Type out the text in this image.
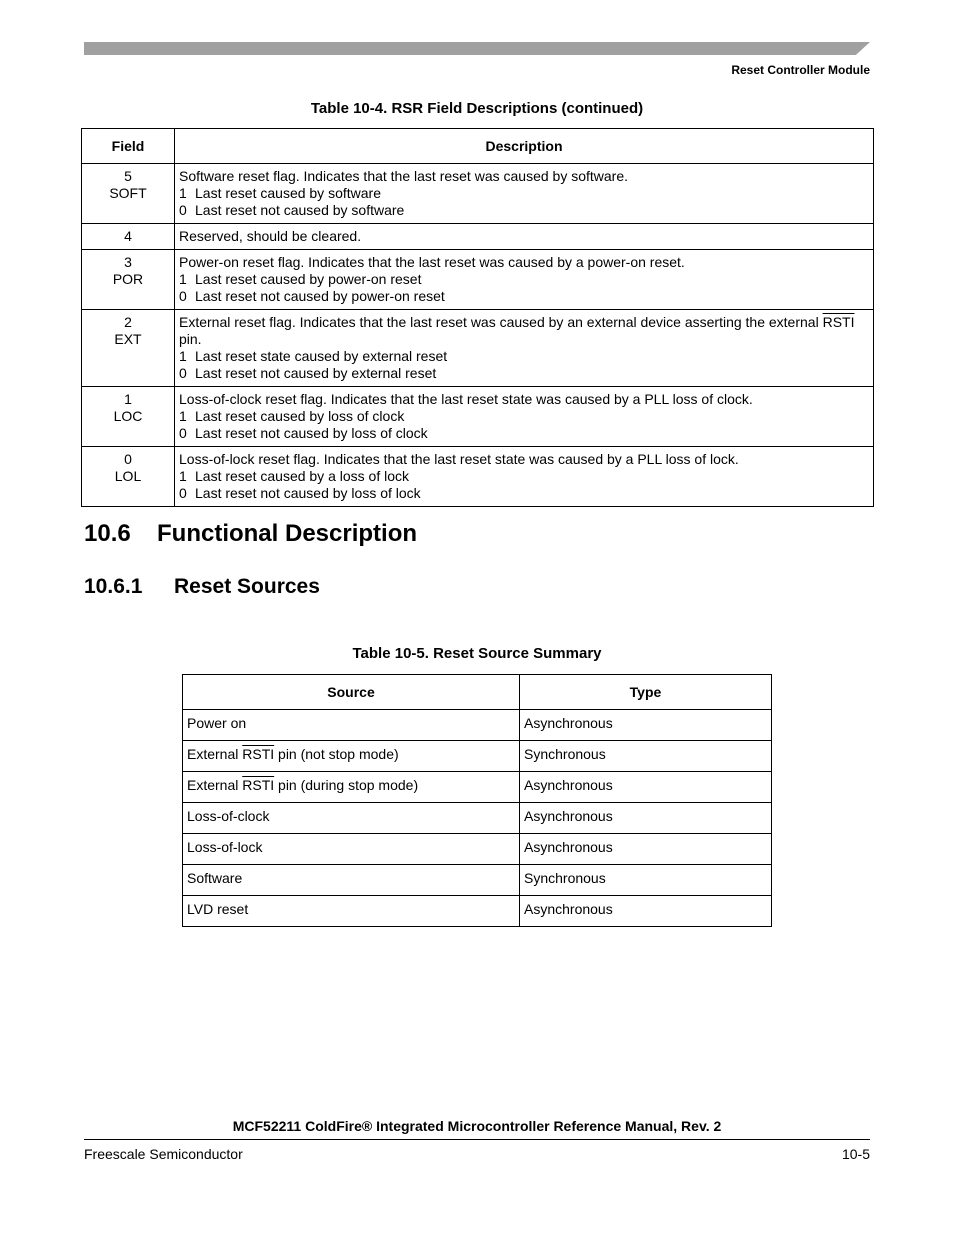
Reset Controller Module
Table 10-4. RSR Field Descriptions (continued)
Field	Description

5
SOFT	Software reset flag. Indicates that the last reset was caused by software.
1 Last reset caused by software
0 Last reset not caused by software

4	Reserved, should be cleared.

3
POR	Power-on reset flag. Indicates that the last reset was caused by a power-on reset.
1 Last reset caused by power-on reset
0 Last reset not caused by power-on reset

2
EXT	External reset flag. Indicates that the last reset was caused by an external device asserting the external RSTI pin.
1 Last reset state caused by external reset
0 Last reset not caused by external reset

1
LOC	Loss-of-clock reset flag. Indicates that the last reset state was caused by a PLL loss of clock.
1 Last reset caused by loss of clock
0 Last reset not caused by loss of clock

0
LOL	Loss-of-lock reset flag. Indicates that the last reset state was caused by a PLL loss of lock.
1 Last reset caused by a loss of lock
0 Last reset not caused by loss of lock
10.6 Functional Description
10.6.1 Reset Sources
Table 10-5. Reset Source Summary
Source	Type
Power on	Asynchronous
External RSTI pin (not stop mode)	Synchronous
External RSTI pin (during stop mode)	Asynchronous
Loss-of-clock	Asynchronous
Loss-of-lock	Asynchronous
Software	Synchronous
LVD reset	Asynchronous
MCF52211 ColdFire® Integrated Microcontroller Reference Manual, Rev. 2
Freescale Semiconductor	10-5
